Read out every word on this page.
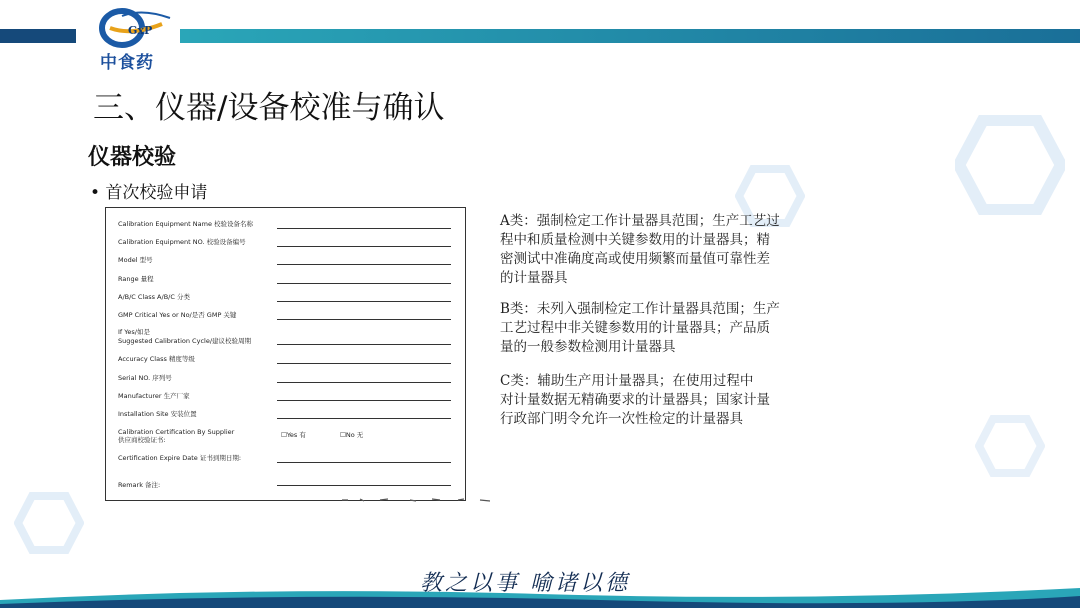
GxP
中食药
三、仪器/设备校准与确认
仪器校验
• 首次校验申请
Calibration Equipment Name 校验设备名称
Calibration Equipment NO. 校验设备编号
Model 型号
Range 量程
A/B/C Class A/B/C 分类
GMP Critical Yes or No/是否 GMP 关键
If Yes/如是
Suggested Calibration Cycle/建议校验周期
Accuracy Class 精度等级
Serial NO. 序列号
Manufacturer 生产厂家
Installation Site 安装位置
Calibration Certification By Supplier
供应商校验证书:
☐Yes 有	☐No 无
Certification Expire Date 证书到期日期:
Remark 备注:
A类：强制检定工作计量器具范围；生产工艺过
程中和质量检测中关键参数用的计量器具；精
密测试中准确度高或使用频繁而量值可靠性差
的计量器具
B类：未列入强制检定工作计量器具范围；生产
工艺过程中非关键参数用的计量器具；产品质
量的一般参数检测用计量器具
C类：辅助生产用计量器具；在使用过程中
对计量数据无精确要求的计量器具；国家计量
行政部门明令允许一次性检定的计量器具
教之以事 喻诸以德
